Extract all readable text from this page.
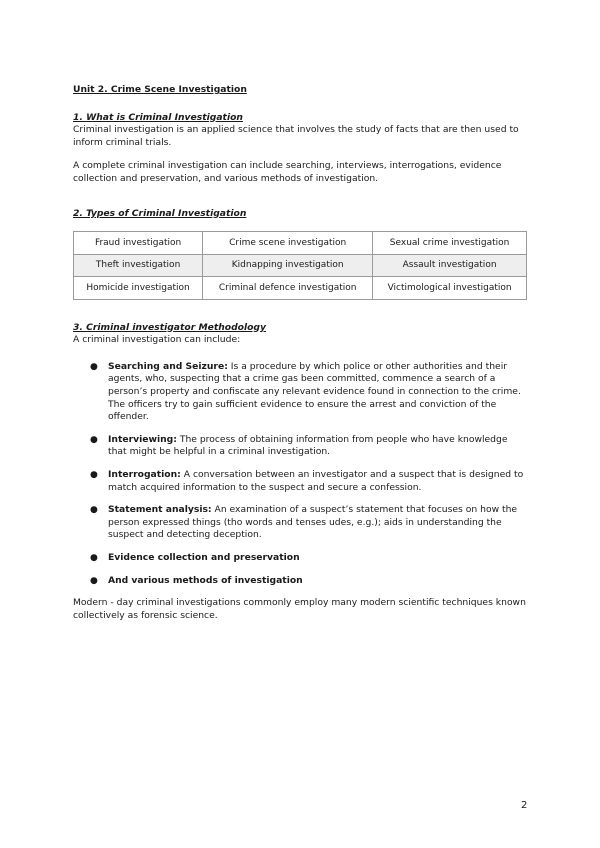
Unit 2. Crime Scene Investigation

1. What is Criminal Investigation

Criminal investigation is an applied science that involves the study of facts that are then used to inform criminal trials.

A complete criminal investigation can include searching, interviews, interrogations, evidence collection and preservation, and various methods of investigation.

2. Types of Criminal Investigation

Fraud investigation	Crime scene investigation	Sexual crime investigation
Theft investigation	Kidnapping investigation	Assault investigation
Homicide investigation	Criminal defence investigation	Victimological investigation

3. Criminal investigator Methodology

A criminal investigation can include:

● Searching and Seizure: Is a procedure by which police or other authorities and their agents, who, suspecting that a crime gas been committed, commence a search of a person’s property and confiscate any relevant evidence found in connection to the crime. The officers try to gain sufficient evidence to ensure the arrest and conviction of the offender.
● Interviewing: The process of obtaining information from people who have knowledge that might be helpful in a criminal investigation.
● Interrogation: A conversation between an investigator and a suspect that is designed to match acquired information to the suspect and secure a confession.
● Statement analysis: An examination of a suspect’s statement that focuses on how the person expressed things (tho words and tenses udes, e.g.); aids in understanding the suspect and detecting deception.
● Evidence collection and preservation
● And various methods of investigation

Modern - day criminal investigations commonly employ many modern scientific techniques known collectively as forensic science.

2
